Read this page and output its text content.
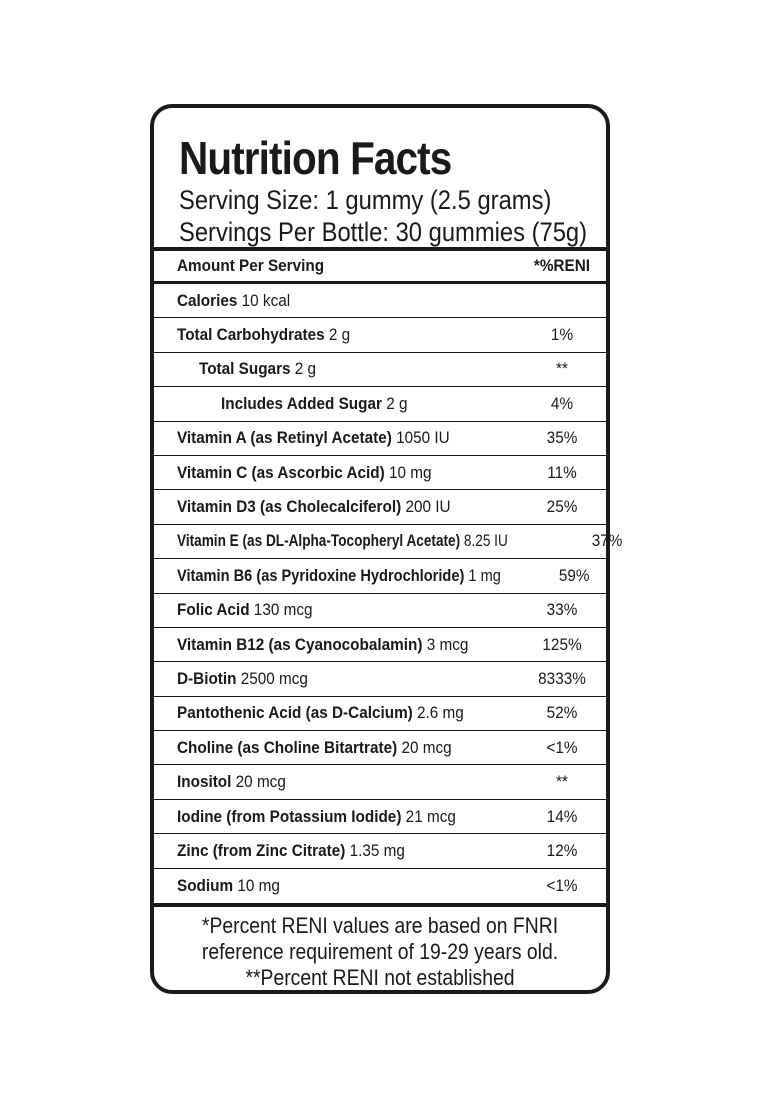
Nutrition Facts
Serving Size: 1 gummy (2.5 grams)
Servings Per Bottle: 30 gummies (75g)
Amount Per Serving	*%RENI
Calories 10 kcal
Total Carbohydrates 2 g	1%
Total Sugars 2 g	**
Includes Added Sugar 2 g	4%
Vitamin A (as Retinyl Acetate) 1050 IU	35%
Vitamin C (as Ascorbic Acid) 10 mg	11%
Vitamin D3 (as Cholecalciferol) 200 IU	25%
Vitamin E (as DL-Alpha-Tocopheryl Acetate) 8.25 IU	37%
Vitamin B6 (as Pyridoxine Hydrochloride) 1 mg	59%
Folic Acid 130 mcg	33%
Vitamin B12 (as Cyanocobalamin) 3 mcg	125%
D-Biotin 2500 mcg	8333%
Pantothenic Acid (as D-Calcium) 2.6 mg	52%
Choline (as Choline Bitartrate) 20 mcg	<1%
Inositol 20 mcg	**
Iodine (from Potassium Iodide) 21 mcg	14%
Zinc (from Zinc Citrate) 1.35 mg	12%
Sodium 10 mg	<1%
*Percent RENI values are based on FNRI
reference requirement of 19-29 years old.
**Percent RENI not established
